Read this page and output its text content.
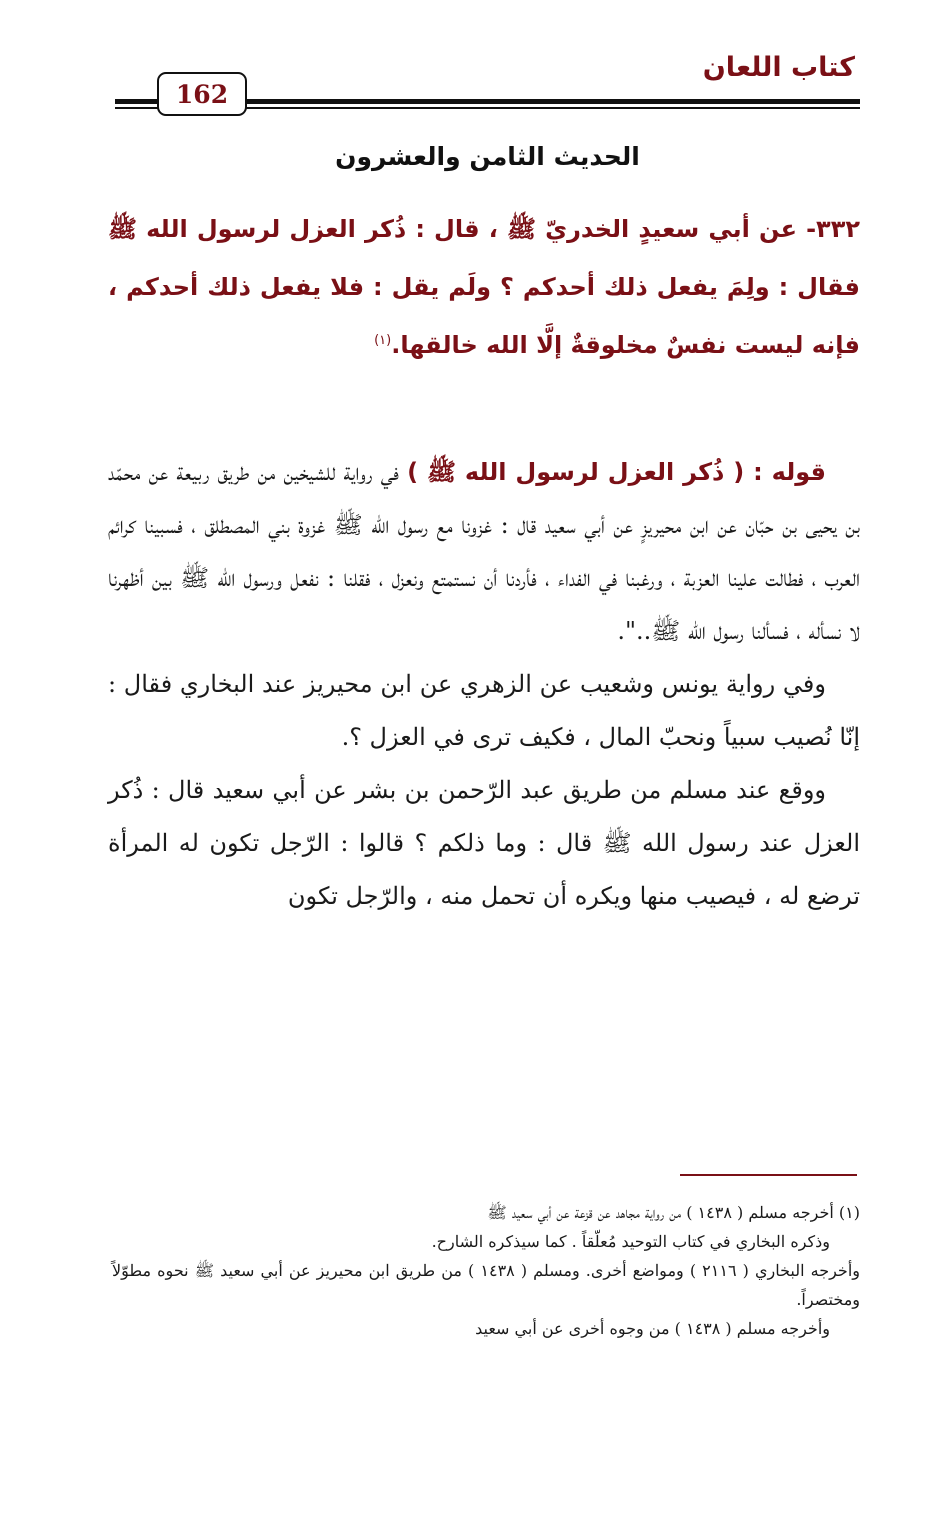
كتاب اللعان
162
الحديث الثامن والعشرون
٣٣٢- عن أبي سعيدٍ الخدريّ ﷺ ، قال : ذُكر العزل لرسول الله ﷺ فقال : ولِمَ يفعل ذلك أحدكم ؟ ولَم يقل : فلا يفعل ذلك أحدكم ، فإنه ليست نفسٌ مخلوقةٌ إلَّا الله خالقها.$^{(١)}$

قوله : ( ذُكر العزل لرسول الله ﷺ ) في رواية للشيخين من طريق ربيعة عن محمّد بن يحيى بن حبّان عن ابن محيريزٍ عن أبي سعيد قال : غزونا مع رسول الله ﷺ غزوة بني المصطلق ، فسبينا كرائم العرب ، فطالت علينا العزبة ، ورغبنا في الفداء ، فأردنا أن نستمتع ونعزل ، فقلنا : نفعل ورسول الله ﷺ بين أظهرنا لا نسأله ، فسألنا رسول الله ﷺ..".

وفي رواية يونس وشعيب عن الزهري عن ابن محيريز عند البخاري فقال : إنّا نُصيب سبياً ونحبّ المال ، فكيف ترى في العزل ؟.

ووقع عند مسلم من طريق عبد الرّحمن بن بشر عن أبي سعيد قال : ذُكر العزل عند رسول الله ﷺ قال : وما ذلكم ؟ قالوا : الرّجل تكون له المرأة ترضع له ، فيصيب منها ويكره أن تحمل منه ، والرّجل تكون

(١) أخرجه مسلم ( ١٤٣٨ ) من رواية مجاهد عن قزعة عن أبي سعيد ﷺ

وذكره البخاري في كتاب التوحيد مُعلّقاً . كما سيذكره الشارح.

وأخرجه البخاري ( ٢١١٦ ) ومواضع أخرى. ومسلم ( ١٤٣٨ ) من طريق ابن محيريز عن أبي سعيد ﷺ نحوه مطوّلاً ومختصراً.

وأخرجه مسلم ( ١٤٣٨ ) من وجوه أخرى عن أبي سعيد
